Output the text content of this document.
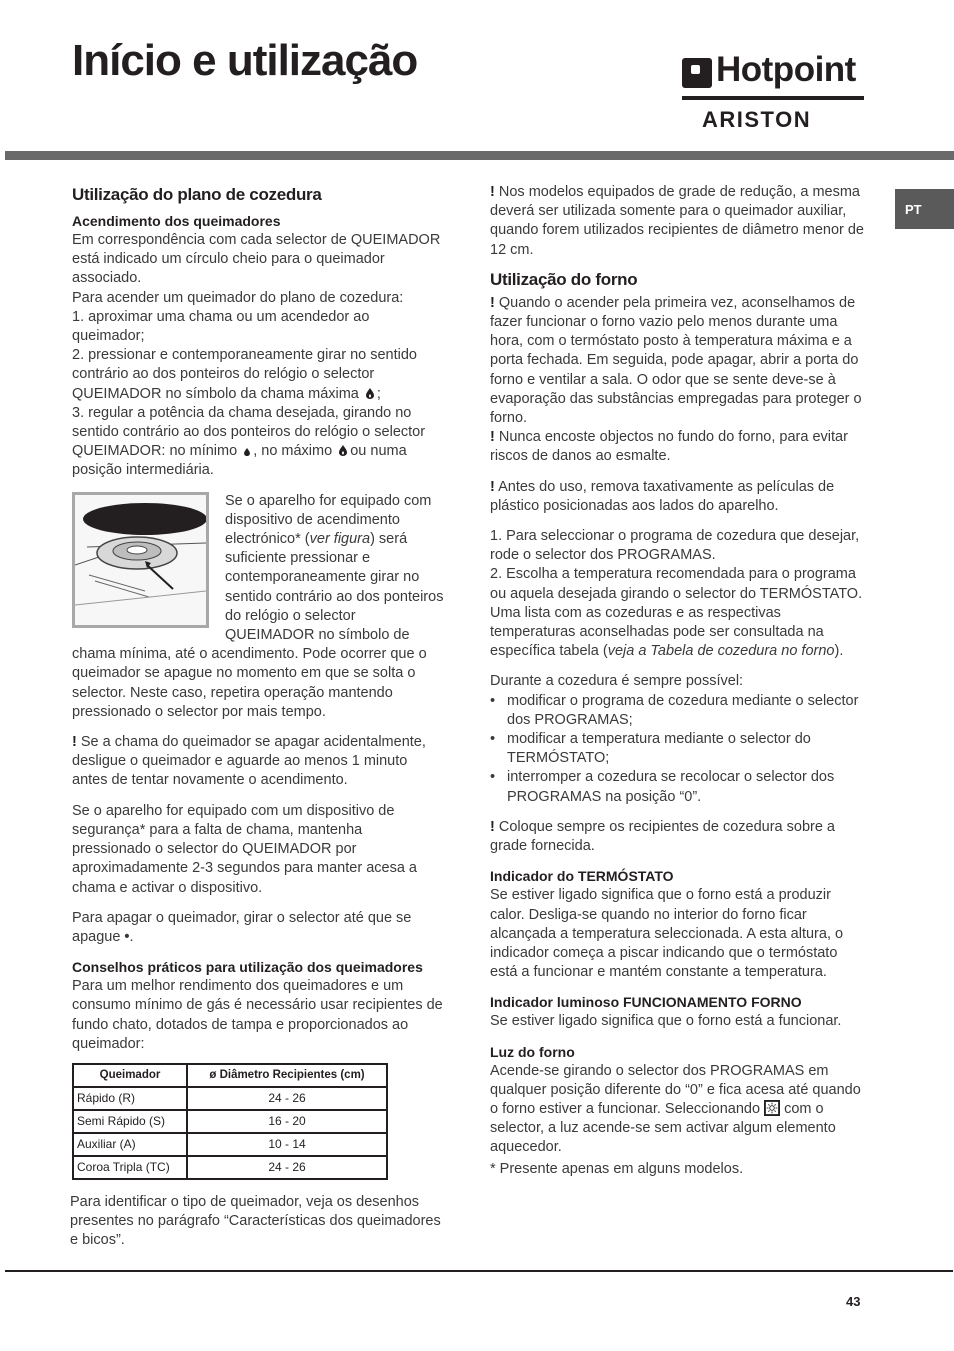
Início e utilização	Hotpoint
ARISTON
PT
Utilização do plano de cozedura
Acendimento dos queimadores

Em correspondência com cada selector de QUEIMADOR está indicado um círculo cheio para o queimador associado.

Para acender um queimador do plano de cozedura:

1. aproximar uma chama ou um acendedor ao queimador;

2. pressionar e contemporaneamente girar no sentido contrário ao dos ponteiros do relógio o selector QUEIMADOR no símbolo da chama máxima ;

3. regular a potência da chama desejada, girando no sentido contrário ao dos ponteiros do relógio o selector QUEIMADOR: no mínimo , no máximo ou numa posição intermediária.

Se o aparelho for equipado com dispositivo de acendimento electrónico* (ver figura) será suficiente pressionar e contemporaneamente girar no sentido contrário ao dos ponteiros do relógio o selector QUEIMADOR no símbolo de chama mínima, até o acendimento. Pode ocorrer que o queimador se apague no momento em que se solta o selector. Neste caso, repetira operação mantendo pressionado o selector por mais tempo.

! Se a chama do queimador se apagar acidentalmente, desligue o queimador e aguarde ao menos 1 minuto antes de tentar novamente o acendimento.

Se o aparelho for equipado com um dispositivo de segurança* para a falta de chama, mantenha pressionado o selector do QUEIMADOR por aproximadamente 2-3 segundos para manter acesa a chama e activar o dispositivo.

Para apagar o queimador, girar o selector até que se apague •.

Conselhos práticos para utilização dos queimadores

Para um melhor rendimento dos queimadores e um consumo mínimo de gás é necessário usar recipientes de fundo chato, dotados de tampa e proporcionados ao queimador:

Queimador	ø Diâmetro Recipientes (cm)
Rápido (R)	24 - 26
Semi Rápido (S)	16 - 20
Auxiliar (A)	10 - 14
Coroa Tripla (TC)	24 - 26

Para identificar o tipo de queimador, veja os desenhos presentes no parágrafo “Características dos queimadores e bicos”.

! Nos modelos equipados de grade de redução, a mesma deverá ser utilizada somente para o queimador auxiliar, quando forem utilizados recipientes de diâmetro menor de 12 cm.

Utilização do forno

! Quando o acender pela primeira vez, aconselhamos de fazer funcionar o forno vazio pelo menos durante uma hora, com o termóstato posto à temperatura máxima e a porta fechada. Em seguida, pode apagar, abrir a porta do forno e ventilar a sala. O odor que se sente deve-se à evaporação das substâncias empregadas para proteger o forno.

! Nunca encoste objectos no fundo do forno, para evitar riscos de danos ao esmalte.

! Antes do uso, remova taxativamente as películas de plástico posicionadas aos lados do aparelho.

1. Para seleccionar o programa de cozedura que desejar, rode o selector dos PROGRAMAS.

2. Escolha a temperatura recomendada para o programa ou aquela desejada girando o selector do TERMÓSTATO.

Uma lista com as cozeduras e as respectivas temperaturas aconselhadas pode ser consultada na específica tabela (veja a Tabela de cozedura no forno).

Durante a cozedura é sempre possível:

• modificar o programa de cozedura mediante o selector dos PROGRAMAS;
• modificar a temperatura mediante o selector do TERMÓSTATO;
• interromper a cozedura se recolocar o selector dos PROGRAMAS na posição “0”.

! Coloque sempre os recipientes de cozedura sobre a grade fornecida.

Indicador do TERMÓSTATO

Se estiver ligado significa que o forno está a produzir calor. Desliga-se quando no interior do forno ficar alcançada a temperatura seleccionada. A esta altura, o indicador começa a piscar indicando que o termóstato está a funcionar e mantém constante a temperatura.

Indicador luminoso FUNCIONAMENTO FORNO

Se estiver ligado significa que o forno está a funcionar.

Luz do forno

Acende-se girando o selector dos PROGRAMAS em qualquer posição diferente do “0” e fica acesa até quando o forno estiver a funcionar. Seleccionando com o selector, a luz acende-se sem activar algum elemento aquecedor.

* Presente apenas em alguns modelos.

43
